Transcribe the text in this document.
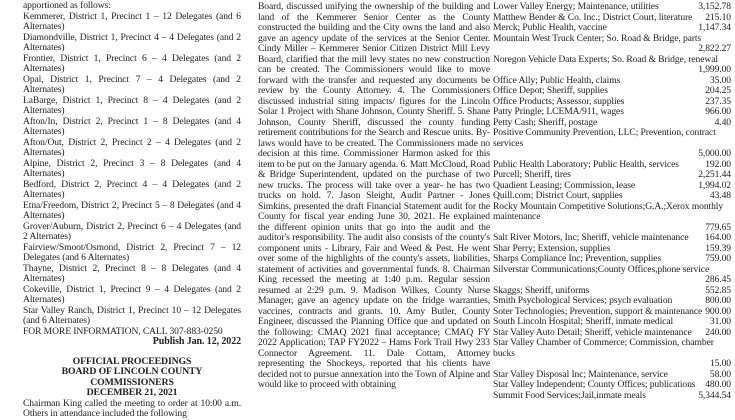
apportioned as follows:

Kemmerer, District 1, Precinct 1 – 12 Delegates (and 6 Alternates)
Diamondville, District 1, Precinct 4 – 4 Delegates (and 2 Alternates)
Frontier, District 1, Precinct 6 – 4 Delegates (and 2 Alternates)
Opal, District 1, Precinct 7 – 4 Delegates (and 2 Alternates)
LaBarge, District 1, Precinct 8 – 4 Delegates (and 2 Alternates)
Afton/In, District 2, Precinct 1 – 8 Delegates (and 4 Alternates)
Afton/Out, District 2, Precinct 2 – 4 Delegates (and 2 Alternates)
Alpine, District 2, Precinct 3 – 8 Delegates (and 4 Alternates)
Bedford, District 2, Precinct 4 – 4 Delegates (and 2 Alternates)
Etna/Freedom, District 2, Precinct 5 – 8 Delegates (and 4 Alternates)
Grover/Auburn, District 2, Precinct 6 – 4 Delegates (and 2 Alternates)
Fairview/Smoot/Osmond, District 2, Precinct 7 – 12 Delegates (and 6 Alternates)
Thayne, District 2, Precinct 8 – 8 Delegates (and 4 Alternates)
Cokeville, District 1, Precinct 9 – 4 Delegates (and 2 Alternates)
Star Valley Ranch, District 1, Precinct 10 – 12 Delegates (and 6 Alternates)
FOR MORE INFORMATION, CALL 307-883-0250
Publish Jan. 12, 2022
OFFICIAL PROCEEDINGS
BOARD OF LINCOLN COUNTY COMMISSIONERS
DECEMBER 21, 2021

Chairman King called the meeting to order at 10:00 a.m. Others in attendance included the following

Board, discussed unifying the ownership of the building and land of the Kemmerer Senior Center as the County constructed the building and the City owns the land and also gave an agency update of the services at the Senior Center. Cindy Miller – Kemmerer Senior Citizen District Mill Levy Board, clarified that the mill levy states no new construction can be created. The Commissioners would like to move forward with the transfer and requested any documents be review by the County Attorney. 4. The Commissioners discussed industrial siting impacts/ figures for the Lincoln Solar 1 Project with Shane Johnson, County Sheriff. 5. Shane Johnson, County Sheriff, discussed the county funding retirement contributions for the Search and Rescue units. By-laws would have to be created. The Commissioners made no decision at this time. Commissioner Harmon asked for this item to be put on the January agenda. 6. Matt McCloud, Road & Bridge Superintendent, updated on the purchase of two new trucks. The process will take over a year- he has two trucks on hold. 7. Jason Sleight, Audit Partner - Jones Simkins, presented the draft Financial Statement audit for the County for fiscal year ending June 30, 2021. He explained the different opinion units that go into the audit and the auditor's responsibility. The audit also consists of the county's component units - Library, Fair and Weed & Pest. He went over some of the highlights of the county's assets, liabilities, statement of activities and governmental funds. 8. Chairman King recessed the meeting at 1:40 p.m. Regular session resumed at 2:29 p.m. 9. Madison Wilkes, County Nurse Manager, gave an agency update on the fridge warranties, vaccines, contracts and grants. 10. Amy Butler, County Engineer, discussed the Planning Office que and updated on the following: CMAQ 2021 final acceptance; CMAQ FY 2022 Application; TAP FY2022 – Hams Fork Trail Hwy 233 Connector Agreement. 11. Dale Cottam, Attorney representing the Shockeys, reported that his clients have decided not to pursue annexation into the Town of Alpine and would like to proceed with obtaining

Lower Valley Energy; Maintenance, utilities	3,152.78
Matthew Bender & Co. Inc.; District Court, literature 215.10
Merck; Public Health, vaccine	1,147.34
Mountain West Truck Center; So. Road & Bridge, parts
2,822.27
Noregon Vehicle Data Experts; So. Road & Bridge, renewal
1,999.00
Office Ally; Public Health, claims	35.00
Office Depot; Sheriff, supplies	204.25
Office Products; Assessor, supplies	237.35
Patty Pringle; LCEMA/911, wages	966.00
Petty Cash; Sheriff, postage	4.40
Positive Community Prevention, LLC; Prevention, contract services
5,000.00
Public Health Laboratory; Public Health, services	192.00
Purcell; Sheriff, tires	2,251.44
Quadient Leasing; Commission, lease	1,994.02
Quill.com; District Court, supplies	43.48
Rocky Mountain Competitive Solutions;G.A.;Xerox monthly maintenance
779.65
Salt River Motors, Inc; Sheriff, vehicle maintenance 164.00
Shar Perry; Extension, supplies	159.39
Sharps Compliance Inc; Prevention, supplies	759.00
Silverstar Communications;County Offices,phone service
286.45
Skaggs; Sheriff, uniforms	552.85
Smith Psychological Services; psych evaluation	800.00
Soter Technologies; Prevention, support & maintenance 900.00
South Lincoln Hospital; Sheriff, inmate medical	31.00
Star Valley Auto Detail; Sheriff, vehicle maintenance 240.00
Star Valley Chamber of Commerce; Commission, chamber bucks
15.00
Star Valley Disposal Inc; Maintenance, service	58.00
Star Valley Independent; County Offices; publications 480.00
Summit Food Services;Jail,inmate meals	5,344.54
